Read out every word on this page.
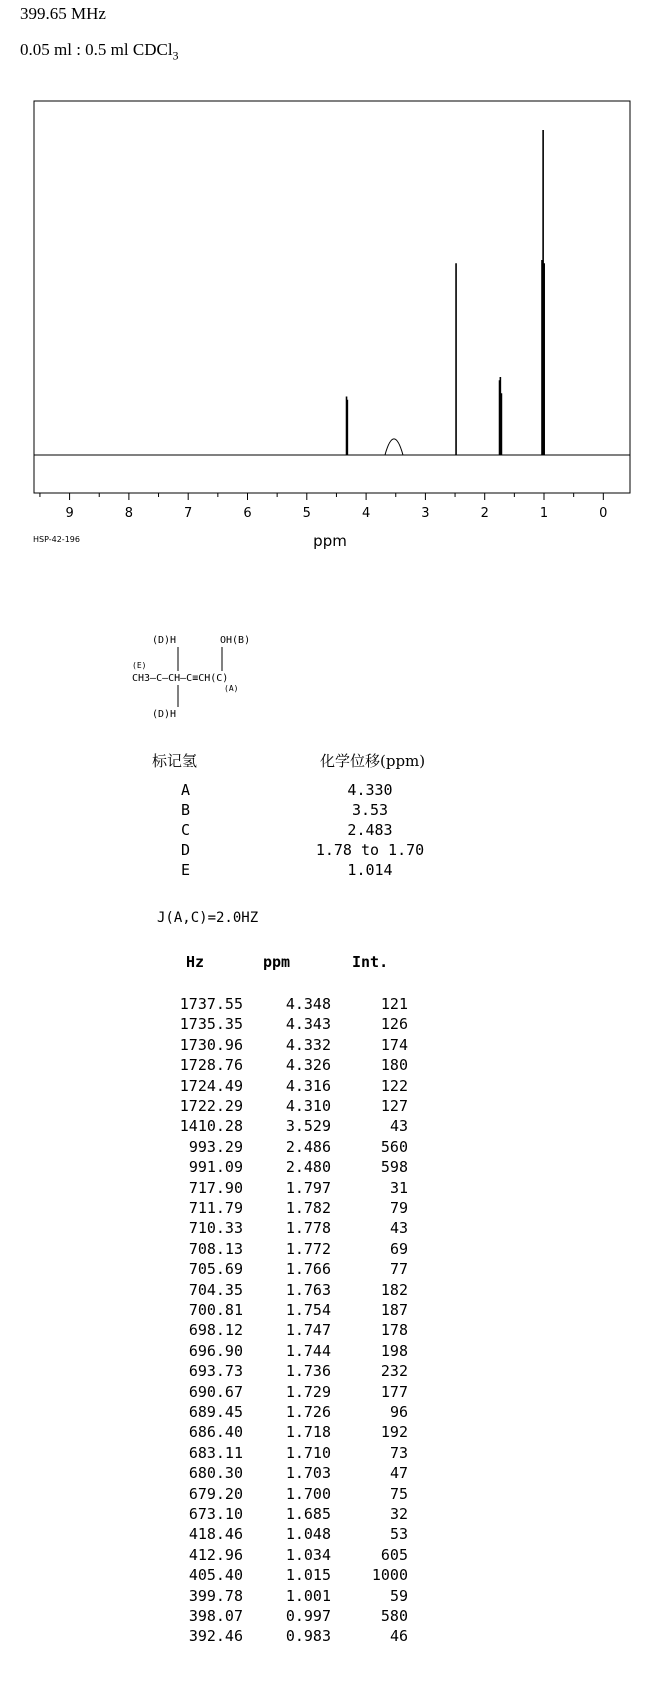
399.65 MHz
0.05 ml : 0.5 ml CDCl$_3$
9	8	7	6	5	4	3	2	1	0
ppm
HSP-42-196
(D)H	OH(B)
(E)
CH3—C—CH—C≡CH(C)
(A)
(D)H
标记氢	化学位移(ppm)
A	4.330
B	3.53
C	2.483
D	1.78 to 1.70
E	1.014
J(A,C)=2.0HZ
Hz	ppm	Int.
1737.55	4.348	121
1735.35	4.343	126
1730.96	4.332	174
1728.76	4.326	180
1724.49	4.316	122
1722.29	4.310	127
1410.28	3.529	43
993.29	2.486	560
991.09	2.480	598
717.90	1.797	31
711.79	1.782	79
710.33	1.778	43
708.13	1.772	69
705.69	1.766	77
704.35	1.763	182
700.81	1.754	187
698.12	1.747	178
696.90	1.744	198
693.73	1.736	232
690.67	1.729	177
689.45	1.726	96
686.40	1.718	192
683.11	1.710	73
680.30	1.703	47
679.20	1.700	75
673.10	1.685	32
418.46	1.048	53
412.96	1.034	605
405.40	1.015	1000
399.78	1.001	59
398.07	0.997	580
392.46	0.983	46
